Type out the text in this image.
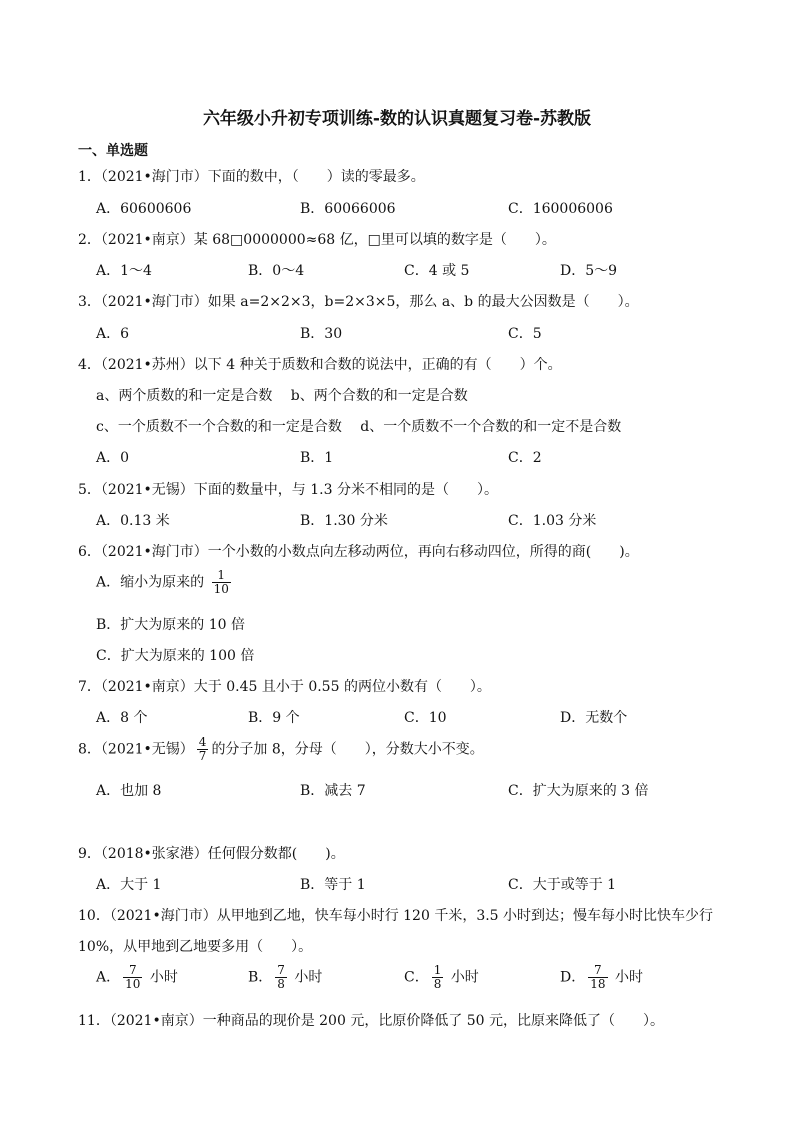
六年级小升初专项训练-数的认识真题复习卷-苏教版
一、单选题
1．（2021•海门市）下面的数中，（　　）读的零最多。
A．60600606	B．60066006	C．160006006
2．（2021•南京）某 68□0000000≈68 亿，□里可以填的数字是（　　）。
A．1～4	B．0～4	C．4 或 5	D．5～9
3．（2021•海门市）如果 a=2×2×3，b=2×3×5，那么 a、b 的最大公因数是（　　）。
A．6	B．30	C．5
4．（2021•苏州）以下 4 种关于质数和合数的说法中，正确的有（　　）个。
a、两个质数的和一定是合数　 b、两个合数的和一定是合数
c、一个质数不一个合数的和一定是合数　 d、一个质数不一个合数的和一定不是合数
A．0	B．1	C．2
5．（2021•无锡）下面的数量中，与 1.3 分米不相同的是（　　）。
A．0.13 米	B．1.30 分米	C．1.03 分米
6．（2021•海门市）一个小数的小数点向左移动两位，再向右移动四位，所得的商(　　)。
A．缩小为原来的 $\frac{1}{10}$
B．扩大为原来的 10 倍
C．扩大为原来的 100 倍
7．（2021•南京）大于 0.45 且小于 0.55 的两位小数有（　　）。
A．8 个	B．9 个	C．10	D．无数个
8．（2021•无锡） $\frac{4}{7}$ 的分子加 8，分母（　　），分数大小不变。
A．也加 8	B．减去 7	C．扩大为原来的 3 倍
9．（2018•张家港）任何假分数都(　　)。
A．大于 1	B．等于 1	C．大于或等于 1
10．（2021•海门市）从甲地到乙地，快车每小时行 120 千米，3.5 小时到达；慢车每小时比快车少行
10%，从甲地到乙地要多用（　　）。
A． $\frac{7}{10}$ 小时	B． $\frac{7}{8}$ 小时	C． $\frac{1}{8}$ 小时	D． $\frac{7}{18}$ 小时
11．（2021•南京）一种商品的现价是 200 元，比原价降低了 50 元，比原来降低了（　　）。
